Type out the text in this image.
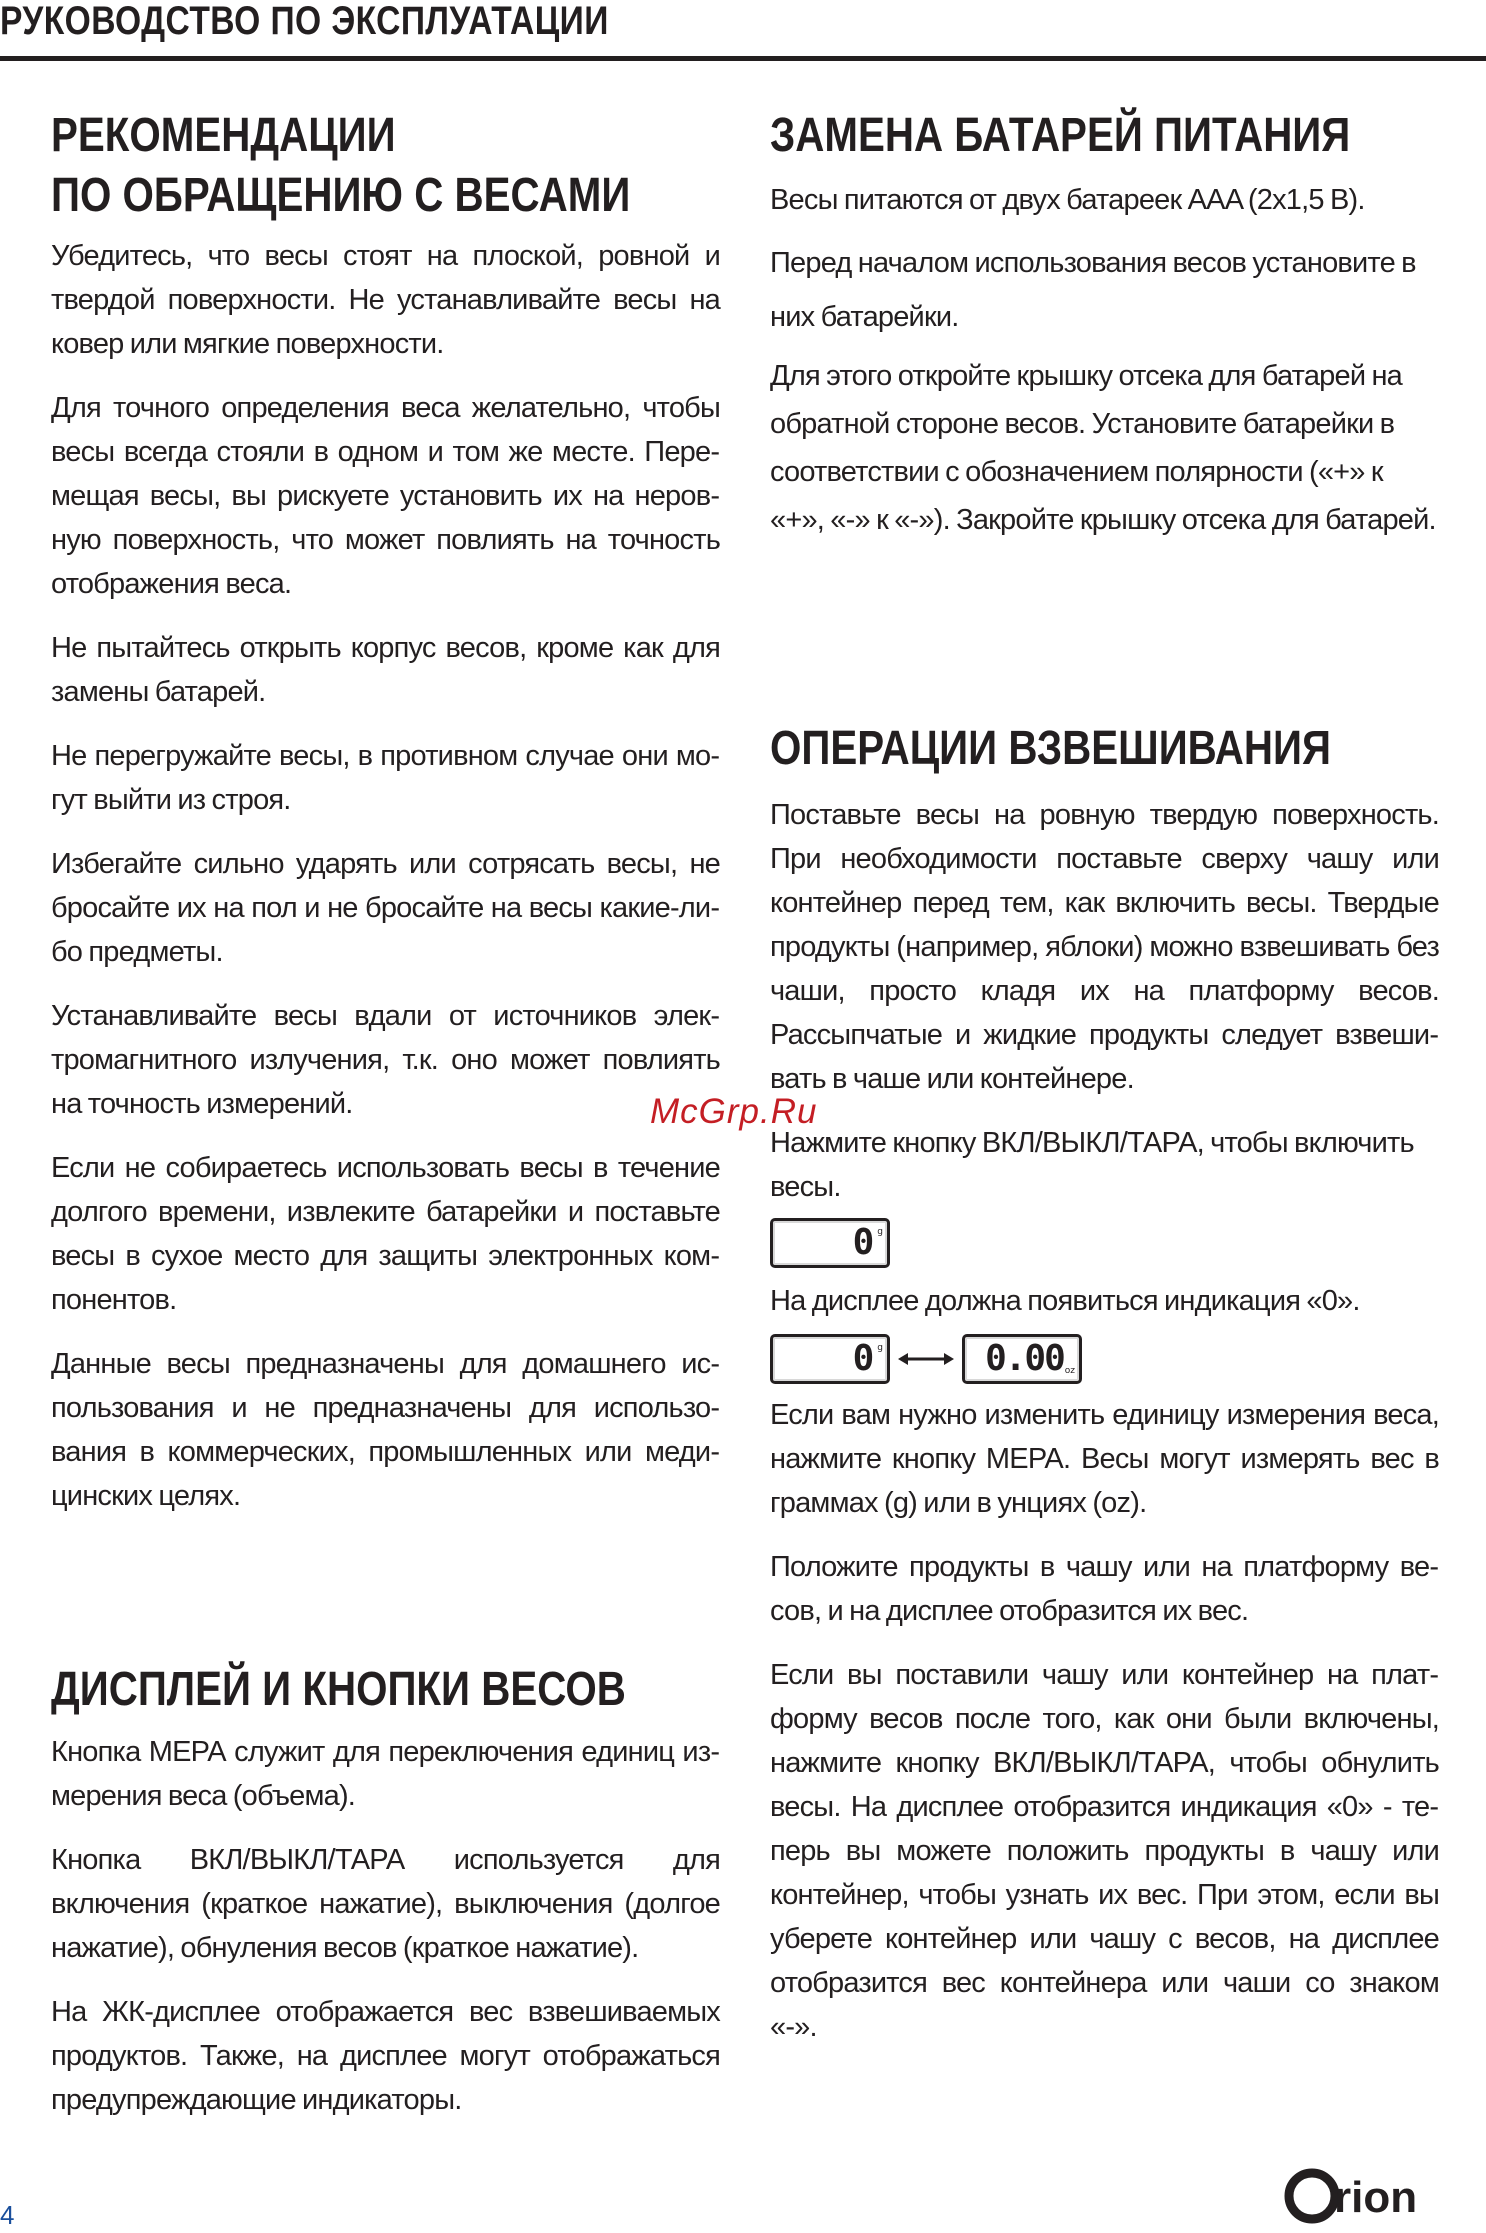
РУКОВОДСТВО ПО ЭКСПЛУАТАЦИИ
РЕКОМЕНДАЦИИ
ПО ОБРАЩЕНИЮ С ВЕСАМИ

Убедитесь, что весы стоят на плоской, ровной и твердой поверхности. Не устанавливайте весы на ковер или мягкие поверхности.

Для точного определения веса желательно, чтобы весы всегда стояли в одном и том же месте. Перемещая весы, вы рискуете установить их на неровную поверхность, что может повлиять на точность отображения веса.

Не пытайтесь открыть корпус весов, кроме как для замены батарей.

Не перегружайте весы, в противном случае они могут выйти из строя.

Избегайте сильно ударять или сотрясать весы, не бросайте их на пол и не бросайте на весы какие-либо предметы.

Устанавливайте весы вдали от источников электромагнитного излучения, т.к. оно может повлиять на точность измерений.

Если не собираетесь использовать весы в течение долгого времени, извлеките батарейки и поставьте весы в сухое место для защиты электронных компонентов.

Данные весы предназначены для домашнего использования и не предназначены для использования в коммерческих, промышленных или медицинских целях.

ДИСПЛЕЙ И КНОПКИ ВЕСОВ

Кнопка МЕРА служит для переключения единиц измерения веса (объема).

Кнопка ВКЛ/ВЫКЛ/ТАРА используется для включения (краткое нажатие), выключения (долгое нажатие), обнуления весов (краткое нажатие).

На ЖК-дисплее отображается вес взвешиваемых продуктов. Также, на дисплее могут отображаться предупреждающие индикаторы.

ЗАМЕНА БАТАРЕЙ ПИТАНИЯ

Весы питаются от двух батареек AAA (2x1,5 В).

Перед началом использования весов установите в них батарейки.

Для этого откройте крышку отсека для батарей на обратной стороне весов. Установите батарейки в соответствии с обозначением полярности («+» к «+», «-» к «-»). Закройте крышку отсека для батарей.

ОПЕРАЦИИ ВЗВЕШИВАНИЯ

Поставьте весы на ровную твердую поверхность. При необходимости поставьте сверху чашу или контейнер перед тем, как включить весы. Твердые продукты (например, яблоки) можно взвешивать без чаши, просто кладя их на платформу весов. Рассыпчатые и жидкие продукты следует взвешивать в чаше или контейнере.

Нажмите кнопку ВКЛ/ВЫКЛ/ТАРА, чтобы включить весы.

0 g

На дисплее должна появиться индикация «0».

0 g	0.00 oz

Если вам нужно изменить единицу измерения веса, нажмите кнопку МЕРА. Весы могут измерять вес в граммах (g) или в унциях (oz).

Положите продукты в чашу или на платформу весов, и на дисплее отобразится их вес.

Если вы поставили чашу или контейнер на платформу весов после того, как они были включены, нажмите кнопку ВКЛ/ВЫКЛ/ТАРА, чтобы обнулить весы. На дисплее отобразится индикация «0» - теперь вы можете положить продукты в чашу или контейнер, чтобы узнать их вес. При этом, если вы уберете контейнер или чашу с весов, на дисплее отобразится вес контейнера или чаши со знаком «-».

McGrp.Ru
4	rion
